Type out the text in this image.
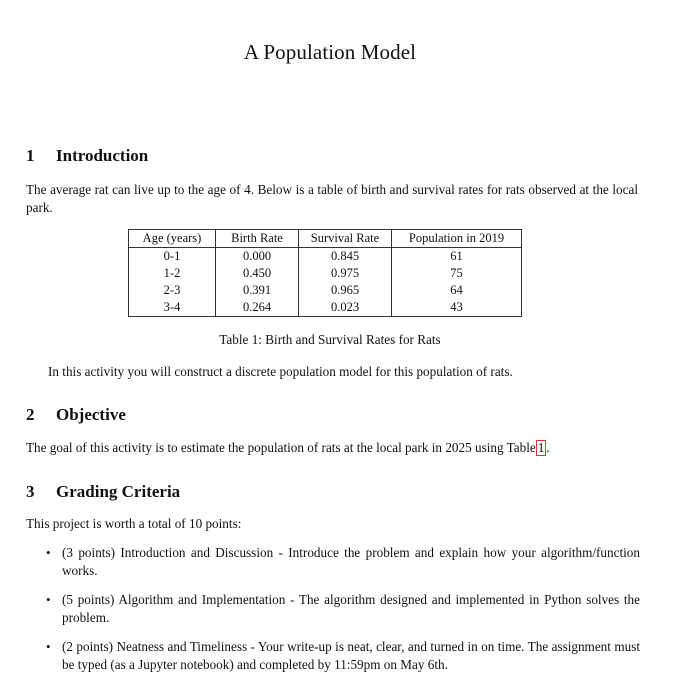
A Population Model
1 Introduction
The average rat can live up to the age of 4. Below is a table of birth and survival rates for rats observed at the local park.
Age (years)	Birth Rate	Survival Rate	Population in 2019
0-1	0.000	0.845	61
1-2	0.450	0.975	75
2-3	0.391	0.965	64
3-4	0.264	0.023	43
Table 1: Birth and Survival Rates for Rats
In this activity you will construct a discrete population model for this population of rats.
2 Objective
The goal of this activity is to estimate the population of rats at the local park in 2025 using Table 1 .
3 Grading Criteria
This project is worth a total of 10 points:
• (3 points) Introduction and Discussion - Introduce the problem and explain how your algorithm/function works.
• (5 points) Algorithm and Implementation - The algorithm designed and implemented in Python solves the problem.
• (2 points) Neatness and Timeliness - Your write-up is neat, clear, and turned in on time. The assignment must be typed (as a Jupyter notebook) and completed by 11:59pm on May 6th.
